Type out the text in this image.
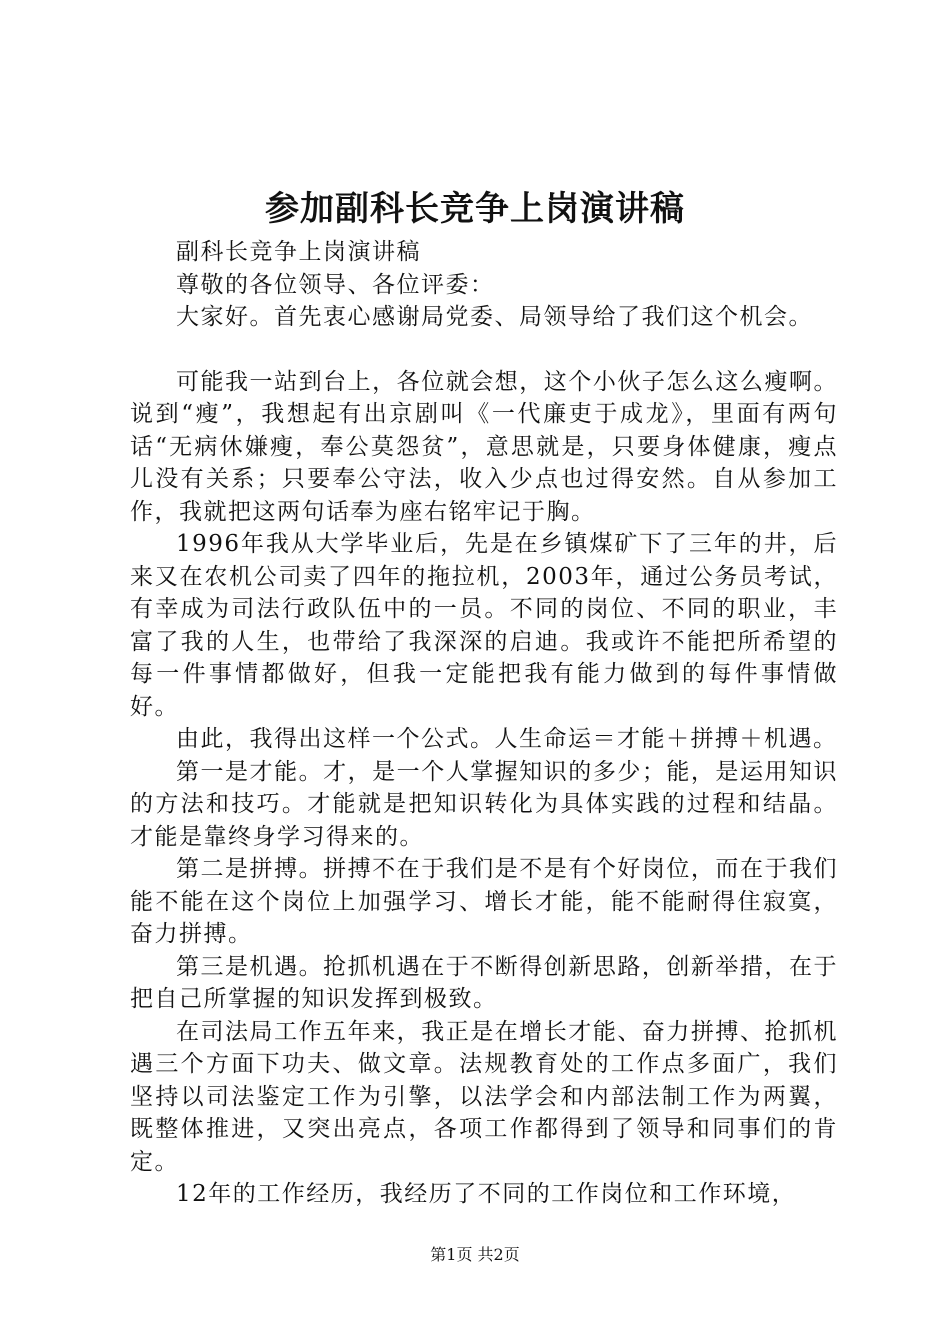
参加副科长竞争上岗演讲稿

副科长竞争上岗演讲稿

尊敬的各位领导、各位评委：

大家好。首先衷心感谢局党委、局领导给了我们这个机会。

可能我一站到台上，各位就会想，这个小伙子怎么这么瘦啊。说到“瘦”，我想起有出京剧叫《一代廉吏于成龙》，里面有两句话“无病休嫌瘦，奉公莫怨贫”，意思就是，只要身体健康，瘦点儿没有关系；只要奉公守法，收入少点也过得安然。自从参加工作，我就把这两句话奉为座右铭牢记于胸。

1996年我从大学毕业后，先是在乡镇煤矿下了三年的井，后来又在农机公司卖了四年的拖拉机，2003年，通过公务员考试，有幸成为司法行政队伍中的一员。不同的岗位、不同的职业，丰富了我的人生，也带给了我深深的启迪。我或许不能把所希望的每一件事情都做好，但我一定能把我有能力做到的每件事情做好。

由此，我得出这样一个公式。人生命运＝才能＋拼搏＋机遇。

第一是才能。才，是一个人掌握知识的多少；能，是运用知识的方法和技巧。才能就是把知识转化为具体实践的过程和结晶。才能是靠终身学习得来的。

第二是拼搏。拼搏不在于我们是不是有个好岗位，而在于我们能不能在这个岗位上加强学习、增长才能，能不能耐得住寂寞，奋力拼搏。

第三是机遇。抢抓机遇在于不断得创新思路，创新举措，在于把自己所掌握的知识发挥到极致。

在司法局工作五年来，我正是在增长才能、奋力拼搏、抢抓机遇三个方面下功夫、做文章。法规教育处的工作点多面广，我们坚持以司法鉴定工作为引擎，以法学会和内部法制工作为两翼，既整体推进，又突出亮点，各项工作都得到了领导和同事们的肯定。

12年的工作经历，我经历了不同的工作岗位和工作环境，

第1页 共2页
